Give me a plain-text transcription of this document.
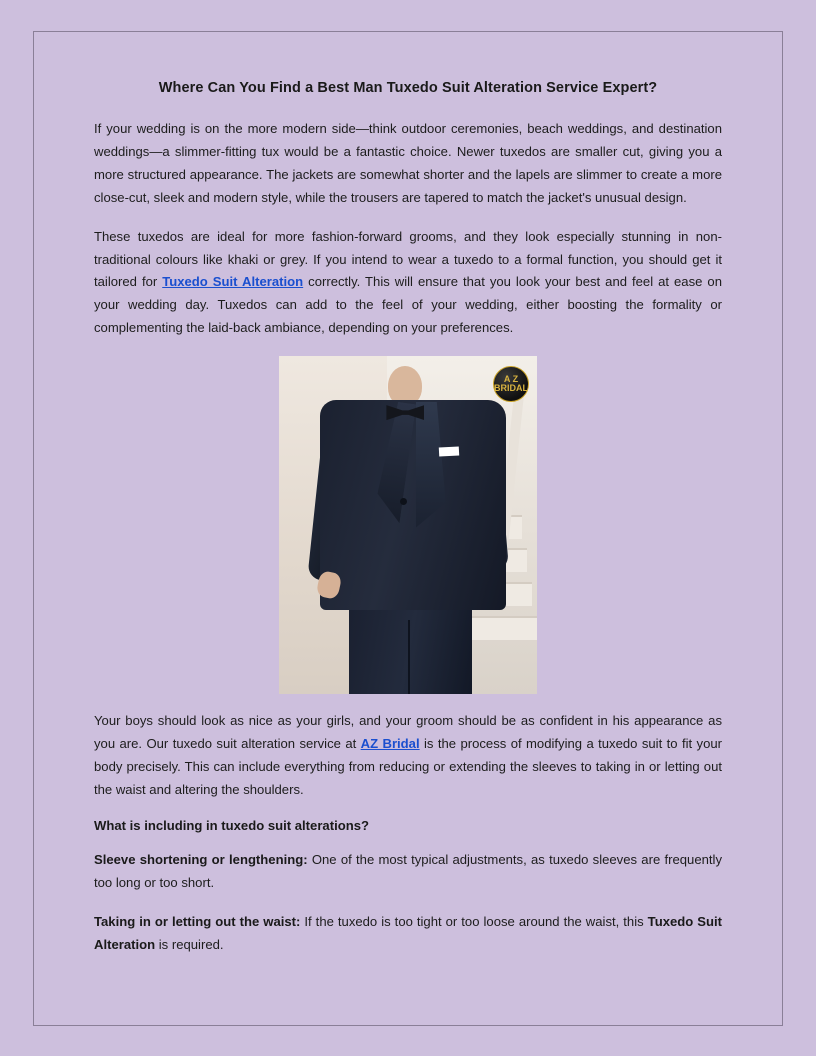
Where Can You Find a Best Man Tuxedo Suit Alteration Service Expert?

If your wedding is on the more modern side—think outdoor ceremonies, beach weddings, and destination weddings—a slimmer-fitting tux would be a fantastic choice. Newer tuxedos are smaller cut, giving you a more structured appearance. The jackets are somewhat shorter and the lapels are slimmer to create a more close-cut, sleek and modern style, while the trousers are tapered to match the jacket's unusual design.

These tuxedos are ideal for more fashion-forward grooms, and they look especially stunning in non-traditional colours like khaki or grey. If you intend to wear a tuxedo to a formal function, you should get it tailored for Tuxedo Suit Alteration correctly. This will ensure that you look your best and feel at ease on your wedding day. Tuxedos can add to the feel of your wedding, either boosting the formality or complementing the laid-back ambiance, depending on your preferences.

A Z BRIDAL

Your boys should look as nice as your girls, and your groom should be as confident in his appearance as you are. Our tuxedo suit alteration service at AZ Bridal is the process of modifying a tuxedo suit to fit your body precisely. This can include everything from reducing or extending the sleeves to taking in or letting out the waist and altering the shoulders.

What is including in tuxedo suit alterations?

Sleeve shortening or lengthening: One of the most typical adjustments, as tuxedo sleeves are frequently too long or too short.

Taking in or letting out the waist: If the tuxedo is too tight or too loose around the waist, this Tuxedo Suit Alteration is required.
